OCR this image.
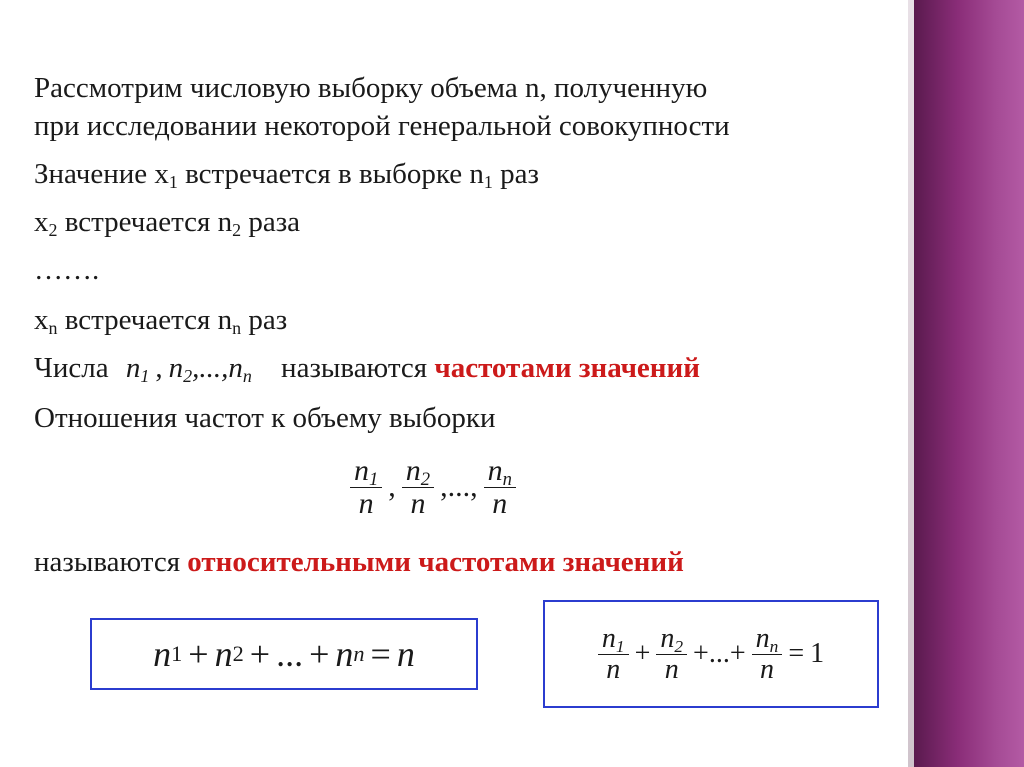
Рассмотрим числовую выборку объема n, полученную
при исследовании некоторой генеральной совокупности
Значение $x_1$ встречается в выборке $n_1$ раз
$x_2$ встречается $n_2$ раза
…….
$x_n$ встречается $n_n$ раз
Числа $n_1$ , $n_2,...,n_n$ называются частотами значений
Отношения частот к объему выборки
$\frac{n_1}{n}$ , $\frac{n_2}{n}$ ,..., $\frac{n_n}{n}$
называются относительными частотами значений
n 1 + n 2 + ... + n n = n	$\frac{n_1}{n} + \frac{n_2}{n}$ +...+ $\frac{n_n}{n} = 1$
